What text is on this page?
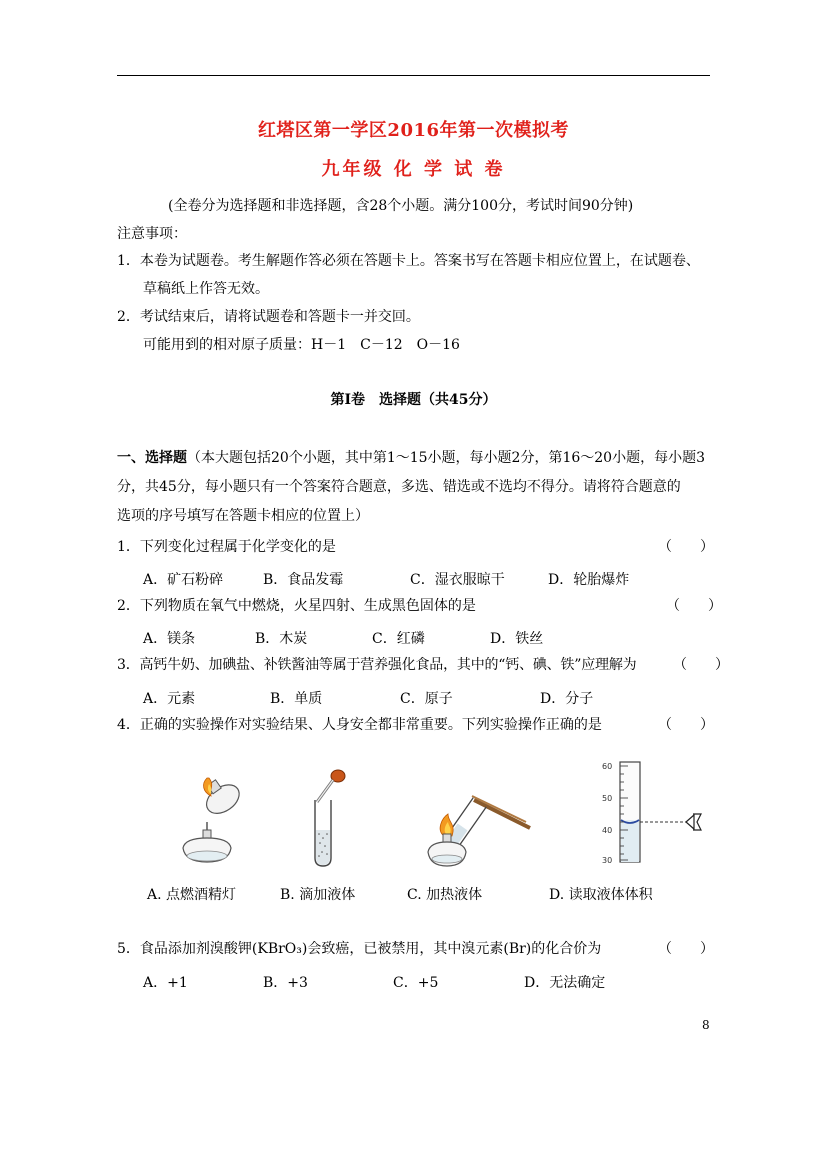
红塔区第一学区2016年第一次模拟考
九年级 化 学 试 卷
(全卷分为选择题和非选择题，含28个小题。满分100分，考试时间90分钟)
注意事项：
1．本卷为试题卷。考生解题作答必须在答题卡上。答案书写在答题卡相应位置上，在试题卷、
草稿纸上作答无效。
2．考试结束后，请将试题卷和答题卡一并交回。
可能用到的相对原子质量：H－1　C－12　O－16
第Ⅰ卷　选择题（共45分）
一、选择题（本大题包括20个小题，其中第1～15小题，每小题2分，第16～20小题，每小题3
分，共45分，每小题只有一个答案符合题意，多选、错选或不选均不得分。请将符合题意的
选项的序号填写在答题卡相应的位置上）
1．下列变化过程属于化学变化的是	（　　）
A．矿石粉碎	B．食品发霉	C．湿衣服晾干	D．轮胎爆炸
2．下列物质在氧气中燃烧，火星四射、生成黑色固体的是	（　　）
A．镁条	B．木炭	C．红磷	D．铁丝
3．高钙牛奶、加碘盐、补铁酱油等属于营养强化食品，其中的“钙、碘、铁”应理解为	（　　）
A．元素	B．单质	C．原子	D．分子
4．正确的实验操作对实验结果、人身安全都非常重要。下列实验操作正确的是	（　　）
60
50
40
30
A. 点燃酒精灯	B. 滴加液体	C. 加热液体	D. 读取液体体积
5．食品添加剂溴酸钾(KBrO₃)会致癌，已被禁用，其中溴元素(Br)的化合价为	（　　）
A．+1	B．+3	C．+5	D．无法确定
8
